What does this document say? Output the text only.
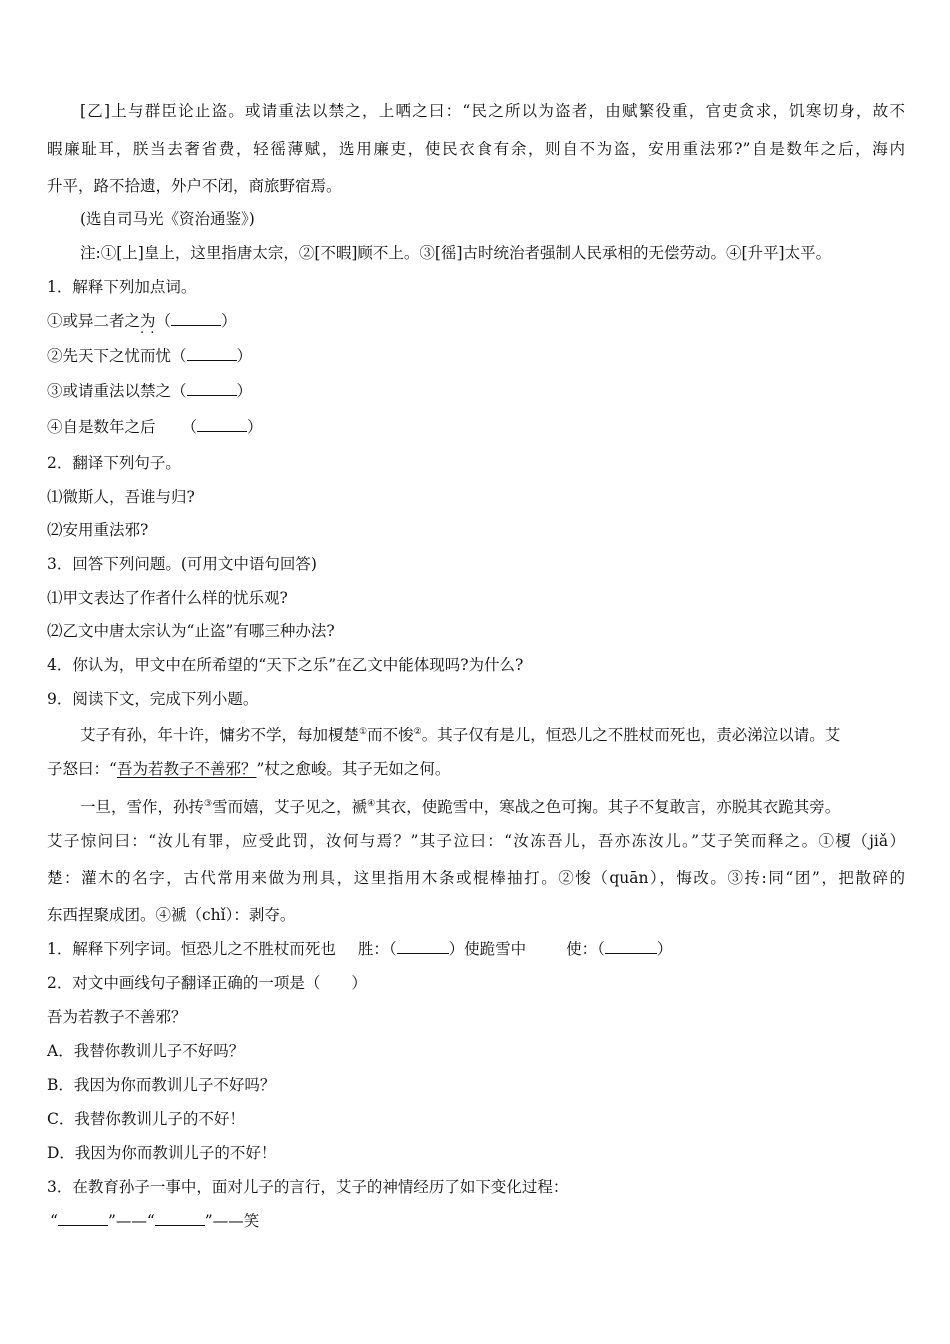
[乙]上与群臣论止盗。或请重法以禁之，上哂之曰：“民之所以为盗者，由赋繁役重，官吏贪求，饥寒切身，故不
暇廉耻耳，朕当去奢省费，轻徭薄赋，选用廉吏，使民衣食有余，则自不为盗，安用重法邪?”自是数年之后，海内
升平，路不拾遗，外户不闭，商旅野宿焉。
(选自司马光《资治通鉴》)
注:①[上]皇上，这里指唐太宗，②[不暇]顾不上。③[徭]古时统治者强制人民承相的无偿劳动。④[升平]太平。
1．解释下列加点词。
①或异二者之为 . .（	）
②先天下之忧而忧（	）
③或请重法以禁之（	）
④自是数年之后 （	）
2．翻译下列句子。
⑴微斯人，吾谁与归?
⑵安用重法邪?
3．回答下列问题。(可用文中语句回答)
⑴甲文表达了作者什么样的忧乐观?
⑵乙文中唐太宗认为“止盗”有哪三种办法?
4．你认为，甲文中在所希望的“天下之乐”在乙文中能体现吗?为什么?
9．阅读下文，完成下列小题。
艾子有孙，年十许，慵劣不学，每加榎楚①而不悛②。其子仅有是儿，恒恐儿之不胜杖而死也，责必涕泣以请。艾
子怒曰：“吾为若教子不善邪？”杖之愈峻。其子无如之何。
一旦，雪作，孙抟③雪而嬉，艾子见之，褫④其衣，使跪雪中，寒战之色可掬。其子不复敢言，亦脱其衣跪其旁。
艾子惊问曰：“汝儿有罪，应受此罚，汝何与焉？”其子泣曰：“汝冻吾儿，吾亦冻汝儿。”艾子笑而释之。①榎（jiǎ）
楚：灌木的名字，古代常用来做为刑具，这里指用木条或棍棒抽打。②悛（quān），悔改。③抟:同“团”，把散碎的
东西捏聚成团。④褫（chǐ）：剥夺。
1．解释下列字词。恒恐儿之不胜杖而死也 胜：（	）使跪雪中	使：（	）
2．对文中画线句子翻译正确的一项是（　　）
吾为若教子不善邪？
A．我替你教训儿子不好吗？
B．我因为你而教训儿子不好吗？
C．我替你教训儿子的不好！
D．我因为你而教训儿子的不好！
3．在教育孙子一事中，面对儿子的言行，艾子的神情经历了如下变化过程：
“	”——“	”——笑
